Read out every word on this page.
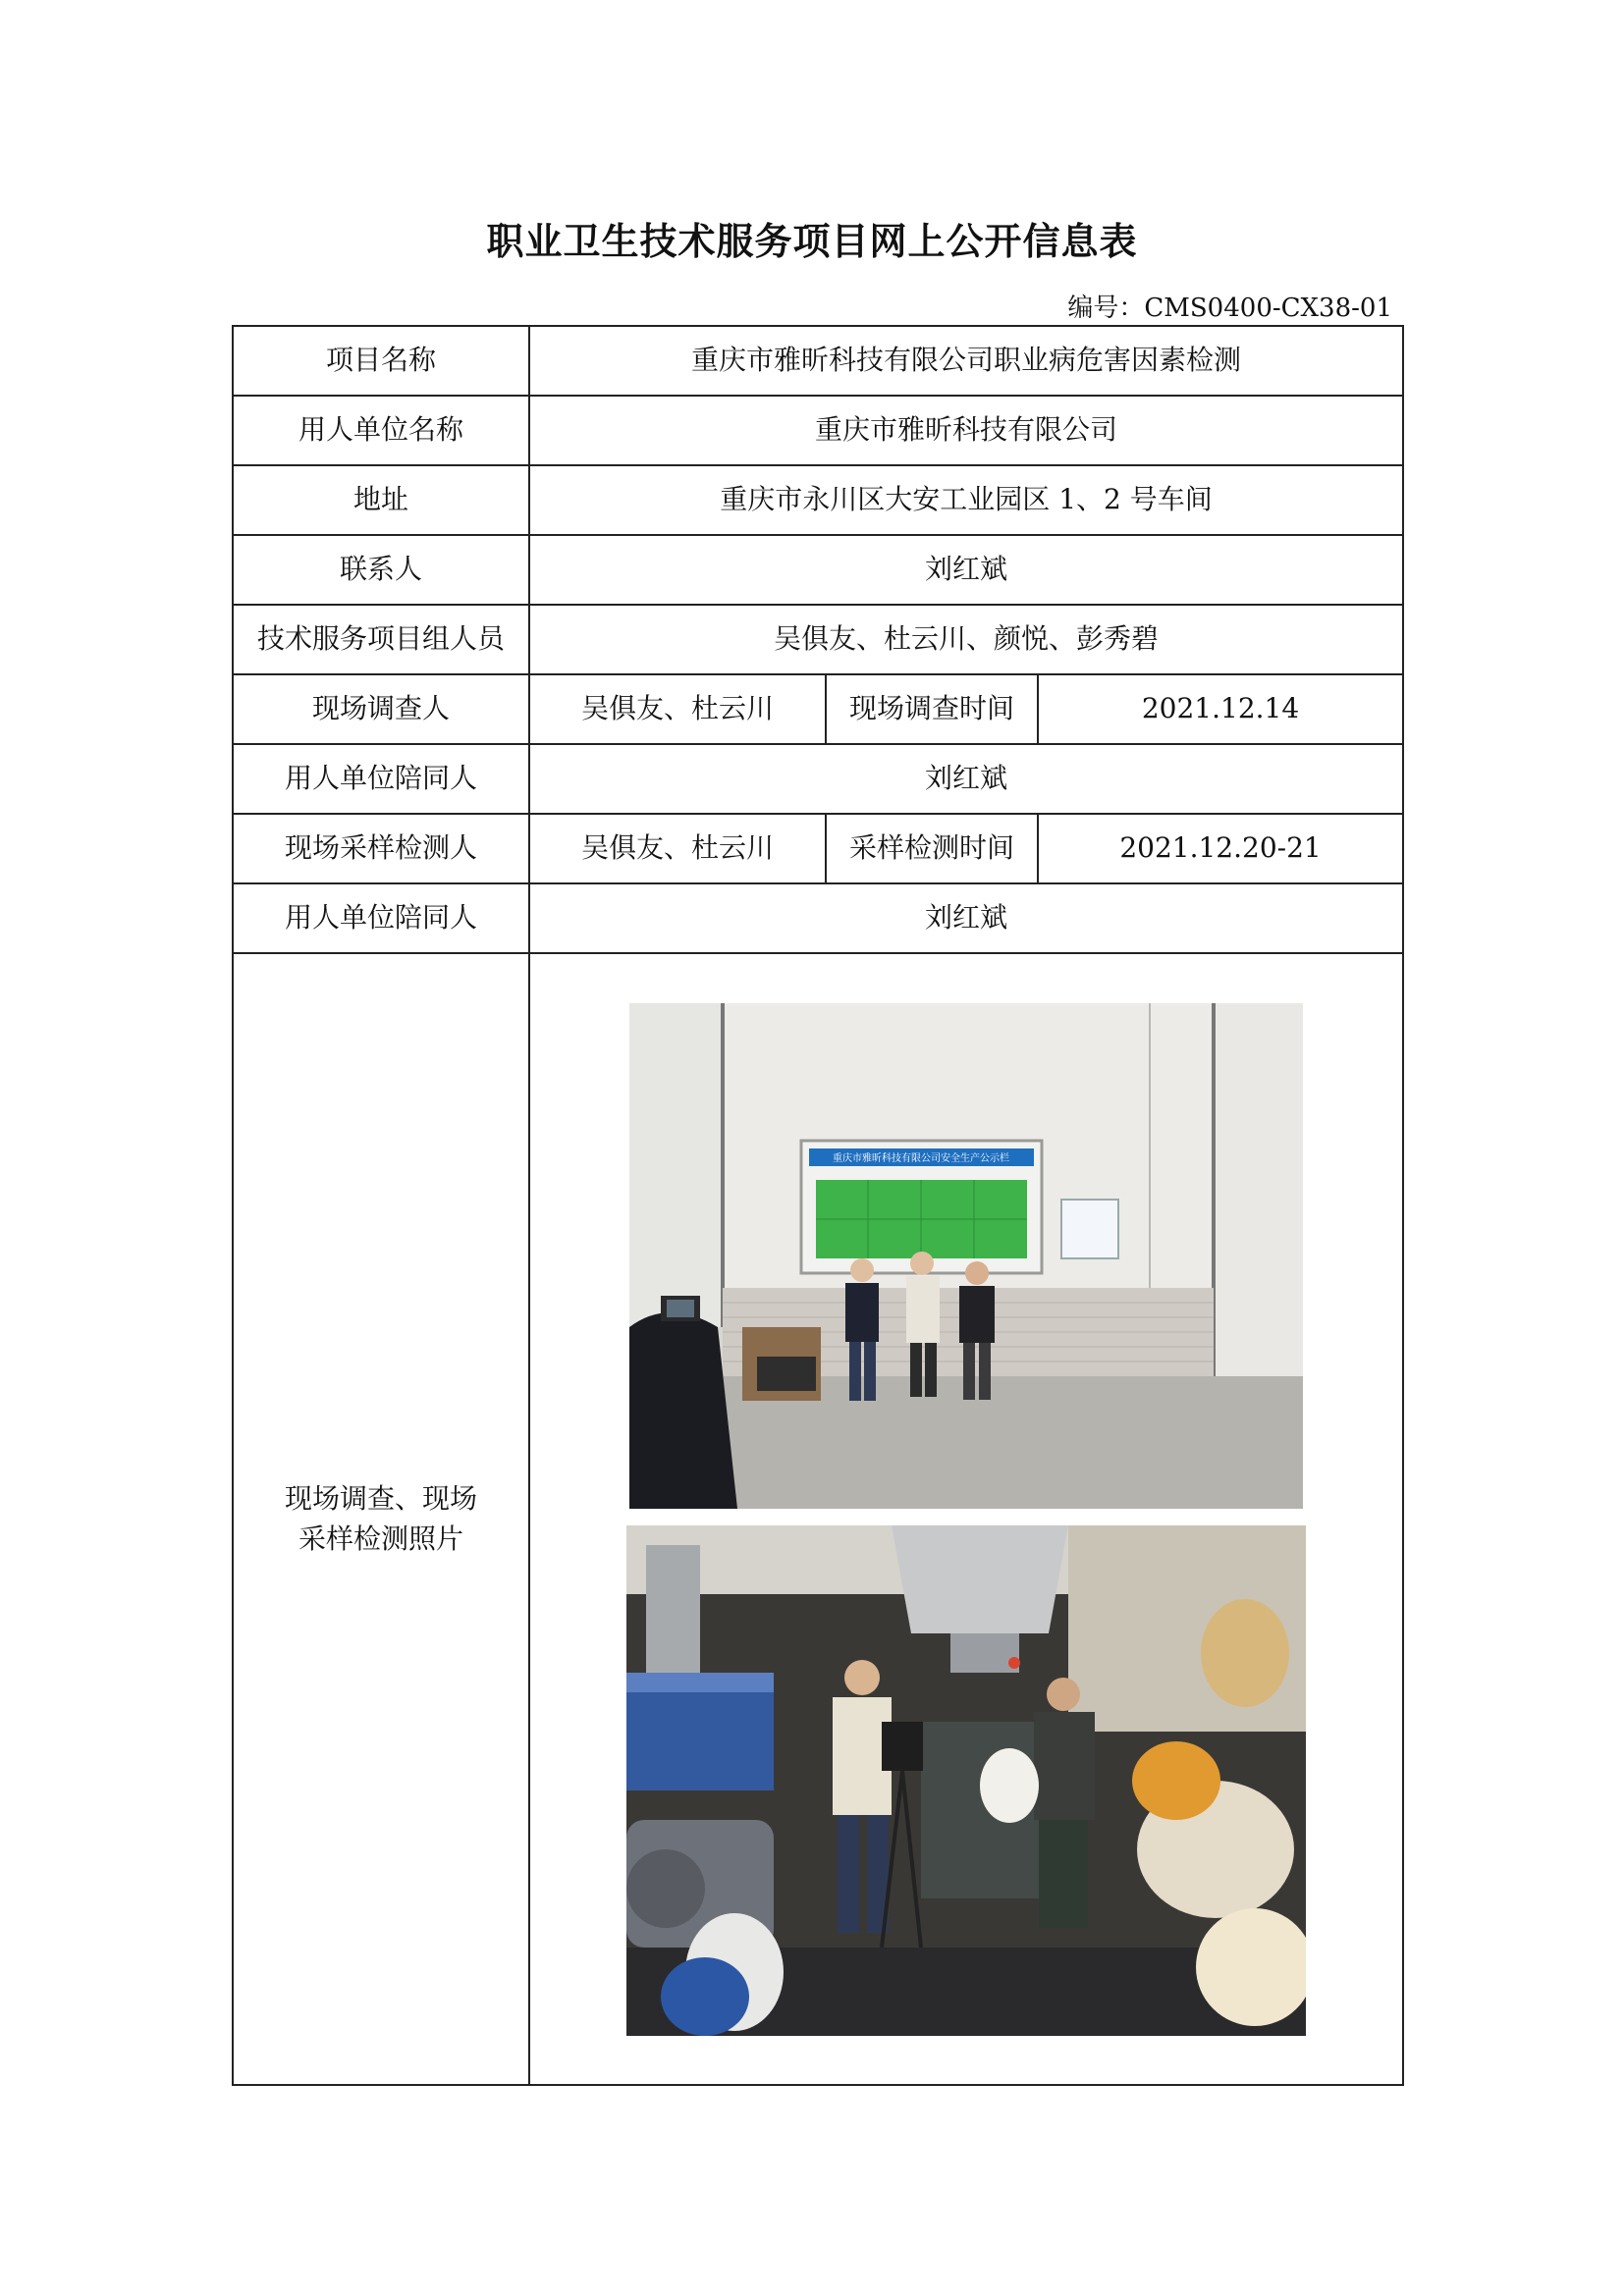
职业卫生技术服务项目网上公开信息表
编号：CMS0400-CX38-01
项目名称	重庆市雅昕科技有限公司职业病危害因素检测		
用人单位名称	重庆市雅昕科技有限公司		
地址	重庆市永川区大安工业园区 1、2 号车间		
联系人	刘红斌		
技术服务项目组人员	吴俱友、杜云川、颜悦、彭秀碧		
现场调查人	吴俱友、杜云川	现场调查时间	2021.12.14
用人单位陪同人	刘红斌		
现场采样检测人	吴俱友、杜云川	采样检测时间	2021.12.20-21
用人单位陪同人	刘红斌		

现场调查、现场采样检测照片	重庆市雅昕科技有限公司安全生产公示栏		
